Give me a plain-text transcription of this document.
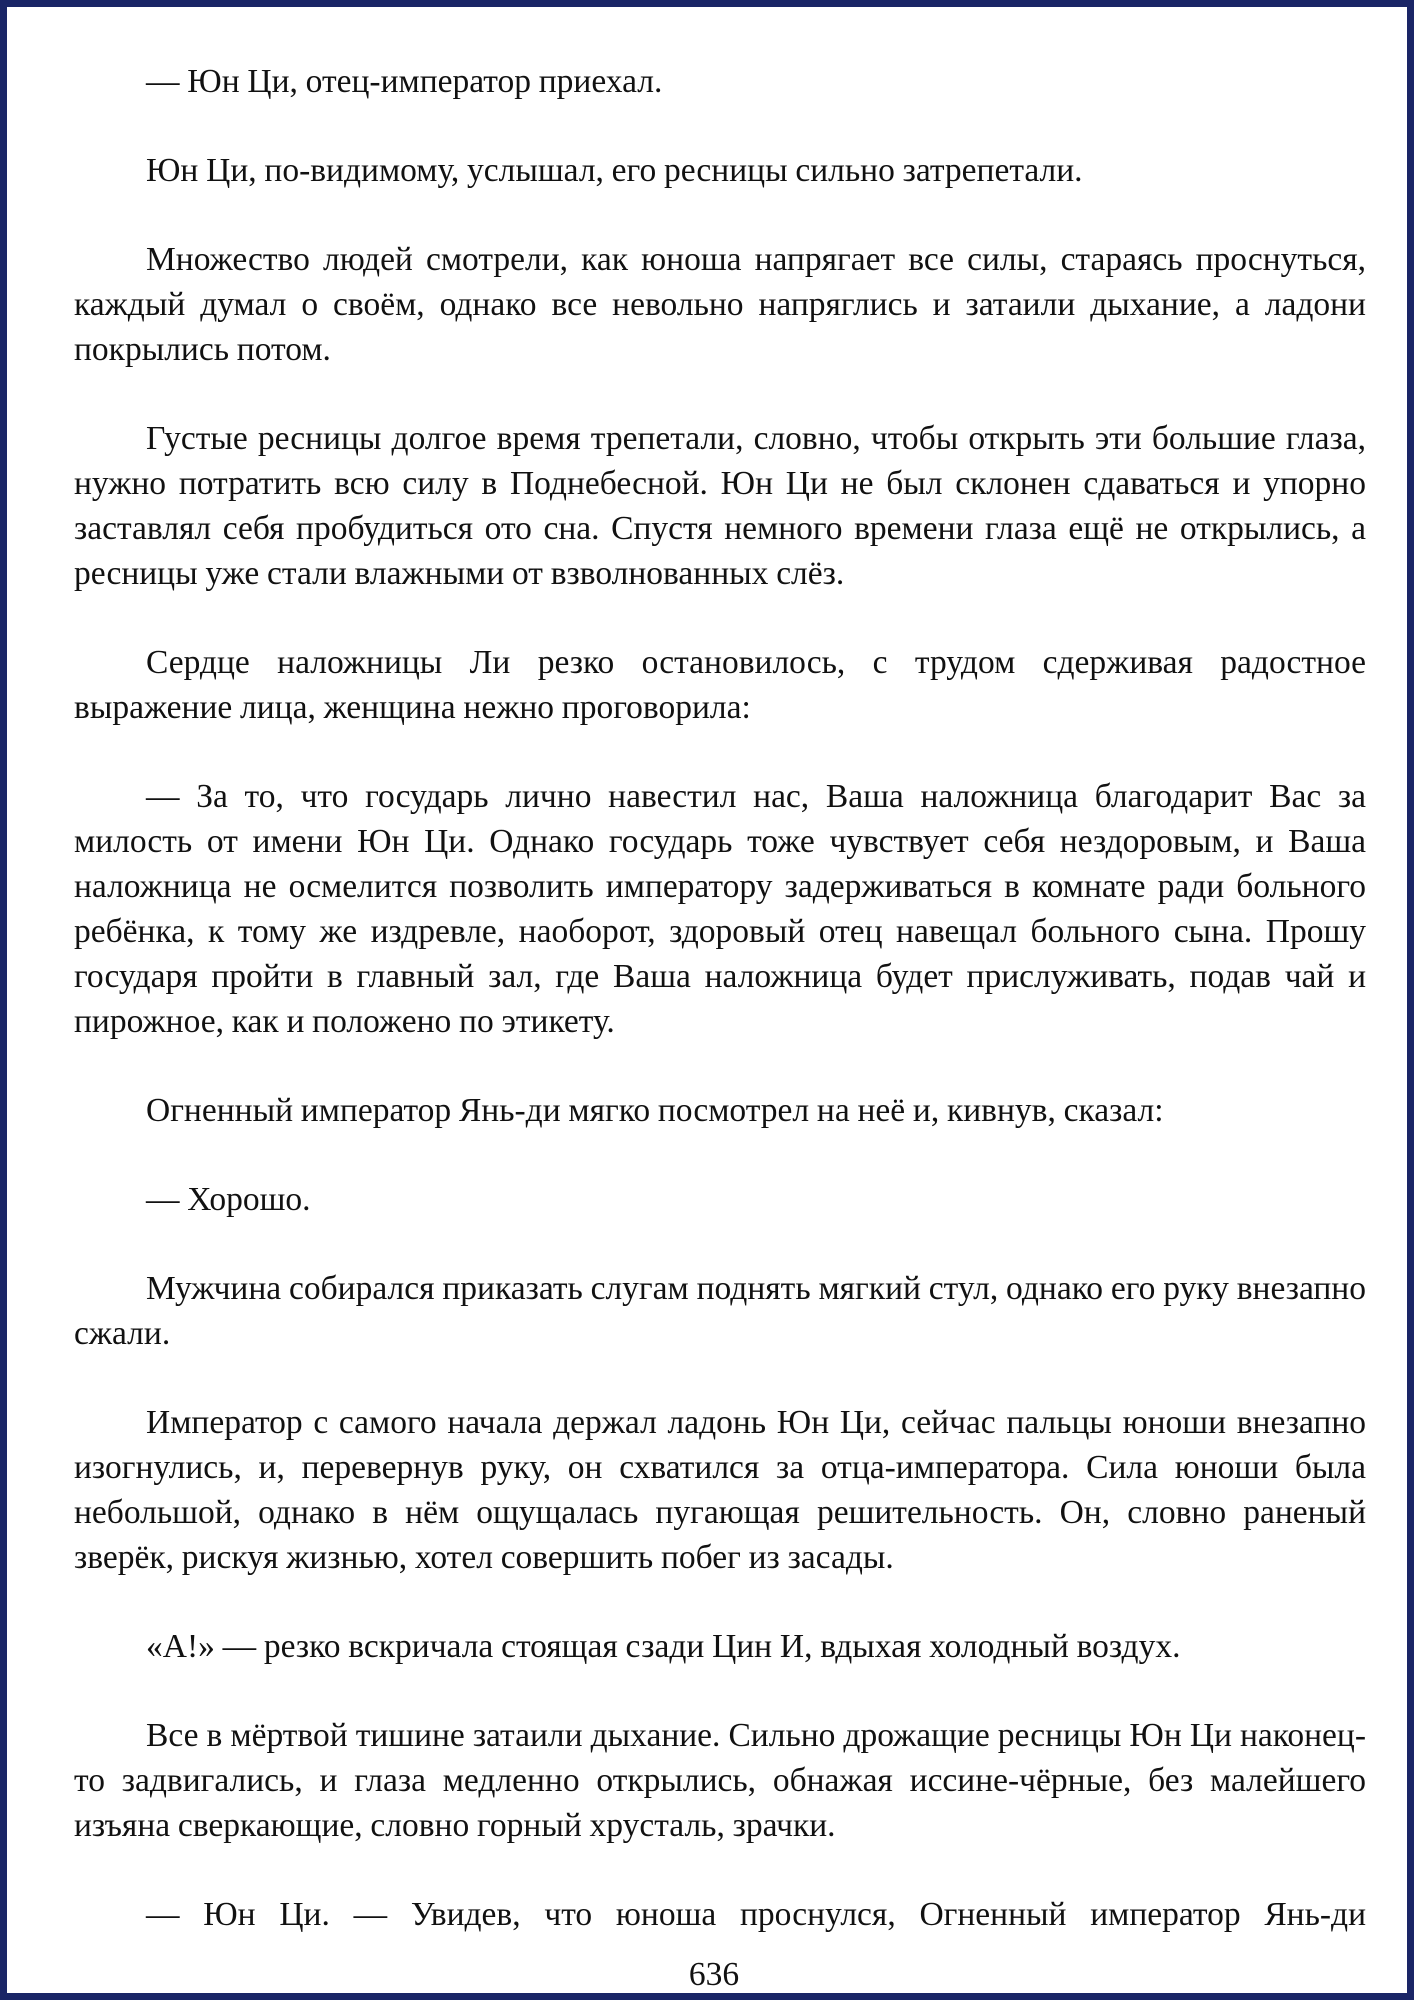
— Юн Ци, отец-император приехал.

Юн Ци, по-видимому, услышал, его ресницы сильно затрепетали.

Множество людей смотрели, как юноша напрягает все силы, стараясь проснуться, каждый думал о своём, однако все невольно напряглись и затаили дыхание, а ладони покрылись потом.

Густые ресницы долгое время трепетали, словно, чтобы открыть эти большие глаза, нужно потратить всю силу в Поднебесной. Юн Ци не был склонен сдаваться и упорно заставлял себя пробудиться ото сна. Спустя немного времени глаза ещё не открылись, а ресницы уже стали влажными от взволнованных слёз.

Сердце наложницы Ли резко остановилось, с трудом сдерживая радостное выражение лица, женщина нежно проговорила:

— За то, что государь лично навестил нас, Ваша наложница благодарит Вас за милость от имени Юн Ци. Однако государь тоже чувствует себя нездоровым, и Ваша наложница не осмелится позволить императору задерживаться в комнате ради больного ребёнка, к тому же издревле, наоборот, здоровый отец навещал больного сына. Прошу государя пройти в главный зал, где Ваша наложница будет прислуживать, подав чай и пирожное, как и положено по этикету.

Огненный император Янь-ди мягко посмотрел на неё и, кивнув, сказал:

— Хорошо.

Мужчина собирался приказать слугам поднять мягкий стул, однако его руку внезапно сжали.

Император с самого начала держал ладонь Юн Ци, сейчас пальцы юноши внезапно изогнулись, и, перевернув руку, он схватился за отца-императора. Сила юноши была небольшой, однако в нём ощущалась пугающая решительность. Он, словно раненый зверёк, рискуя жизнью, хотел совершить побег из засады.

«А!» — резко вскричала стоящая сзади Цин И, вдыхая холодный воздух.

Все в мёртвой тишине затаили дыхание. Сильно дрожащие ресницы Юн Ци наконец-то задвигались, и глаза медленно открылись, обнажая иссине-чёрные, без малейшего изъяна сверкающие, словно горный хрусталь, зрачки.

— Юн Ци. — Увидев, что юноша проснулся, Огненный император Янь-ди

636
